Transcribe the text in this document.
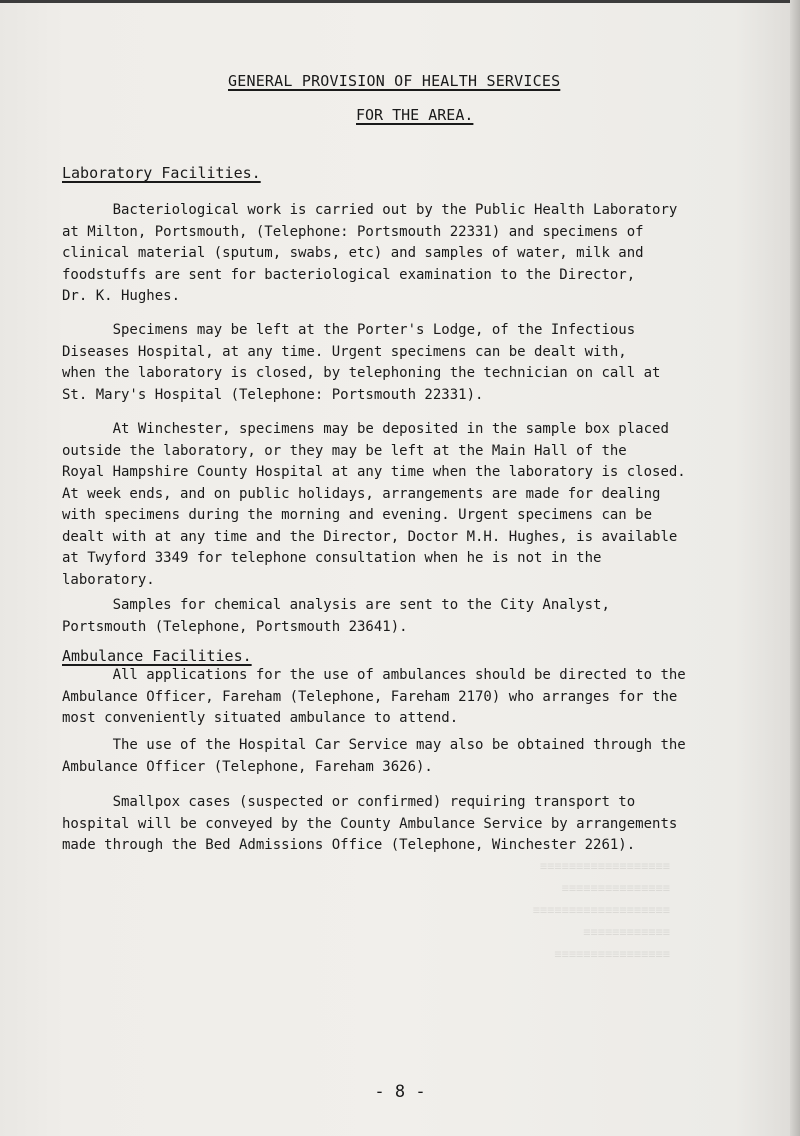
GENERAL PROVISION OF HEALTH SERVICES
FOR THE AREA.
Laboratory Facilities.

Bacteriological work is carried out by the Public Health Laboratory
at Milton, Portsmouth, (Telephone: Portsmouth 22331) and specimens of
clinical material (sputum, swabs, etc) and samples of water, milk and
foodstuffs are sent for bacteriological examination to the Director,
Dr. K. Hughes.

Specimens may be left at the Porter's Lodge, of the Infectious
Diseases Hospital, at any time. Urgent specimens can be dealt with,
when the laboratory is closed, by telephoning the technician on call at
St. Mary's Hospital (Telephone: Portsmouth 22331).

At Winchester, specimens may be deposited in the sample box placed
outside the laboratory, or they may be left at the Main Hall of the
Royal Hampshire County Hospital at any time when the laboratory is closed.
At week ends, and on public holidays, arrangements are made for dealing
with specimens during the morning and evening. Urgent specimens can be
dealt with at any time and the Director, Doctor M.H. Hughes, is available
at Twyford 3349 for telephone consultation when he is not in the
laboratory.

Samples for chemical analysis are sent to the City Analyst,
Portsmouth (Telephone, Portsmouth 23641).

Ambulance Facilities.

All applications for the use of ambulances should be directed to the
Ambulance Officer, Fareham (Telephone, Fareham 2170) who arranges for the
most conveniently situated ambulance to attend.

The use of the Hospital Car Service may also be obtained through the
Ambulance Officer (Telephone, Fareham 3626).

Smallpox cases (suspected or confirmed) requiring transport to
hospital will be conveyed by the County Ambulance Service by arrangements
made through the Bed Admissions Office (Telephone, Winchester 2261).

≡≡≡≡≡≡≡≡≡≡≡≡≡≡≡≡≡≡
≡≡≡≡≡≡≡≡≡≡≡≡≡≡≡
≡≡≡≡≡≡≡≡≡≡≡≡≡≡≡≡≡≡≡
≡≡≡≡≡≡≡≡≡≡≡≡
≡≡≡≡≡≡≡≡≡≡≡≡≡≡≡≡
- 8 -
